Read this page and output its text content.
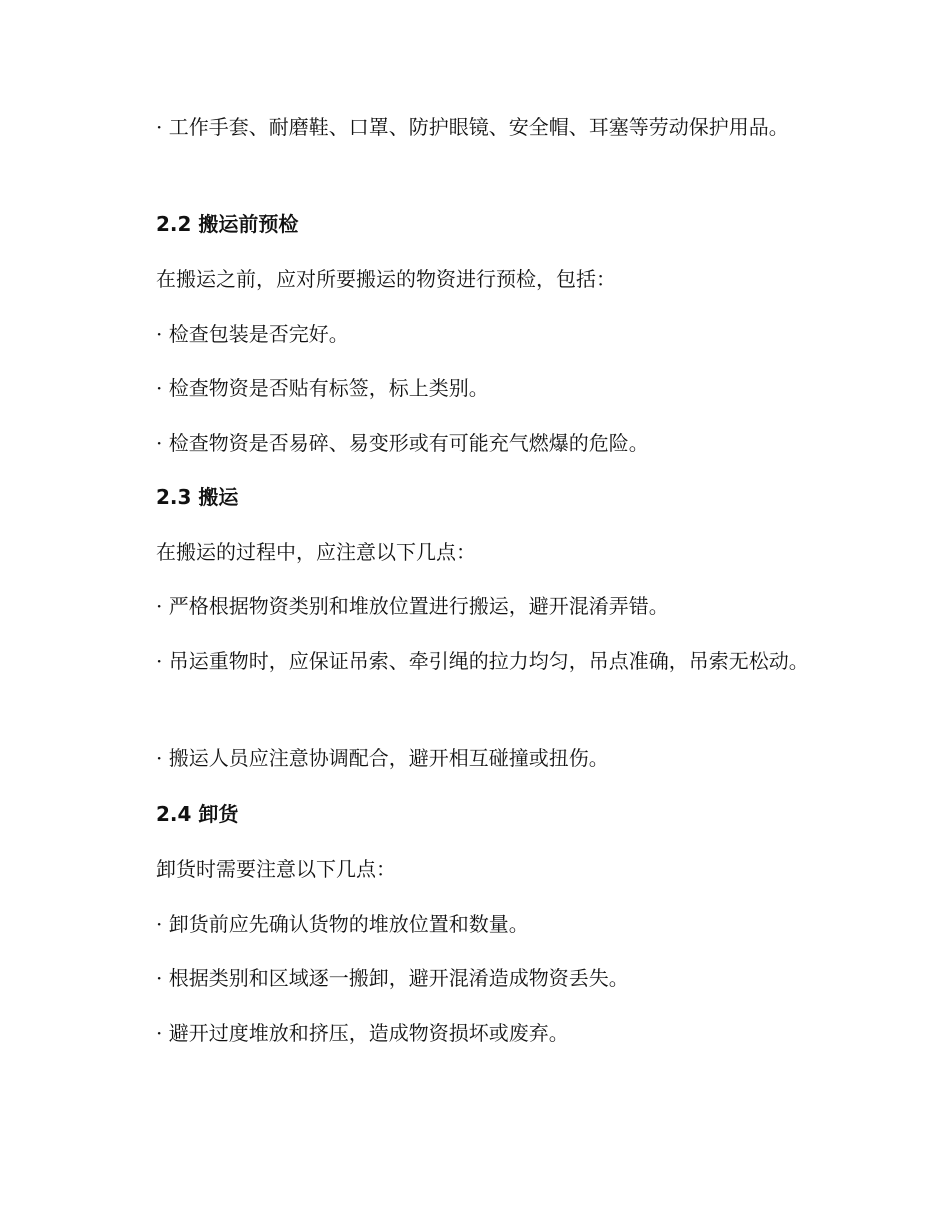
· 工作手套、耐磨鞋、口罩、防护眼镜、安全帽、耳塞等劳动保护用品。
2.2 搬运前预检
在搬运之前，应对所要搬运的物资进行预检，包括：
· 检查包装是否完好。
· 检查物资是否贴有标签，标上类别。
· 检查物资是否易碎、易变形或有可能充气燃爆的危险。
2.3 搬运
在搬运的过程中，应注意以下几点：
· 严格根据物资类别和堆放位置进行搬运，避开混淆弄错。
· 吊运重物时，应保证吊索、牵引绳的拉力均匀，吊点准确，吊索无松动。
· 搬运人员应注意协调配合，避开相互碰撞或扭伤。
2.4 卸货
卸货时需要注意以下几点：
· 卸货前应先确认货物的堆放位置和数量。
· 根据类别和区域逐一搬卸，避开混淆造成物资丢失。
· 避开过度堆放和挤压，造成物资损坏或废弃。
